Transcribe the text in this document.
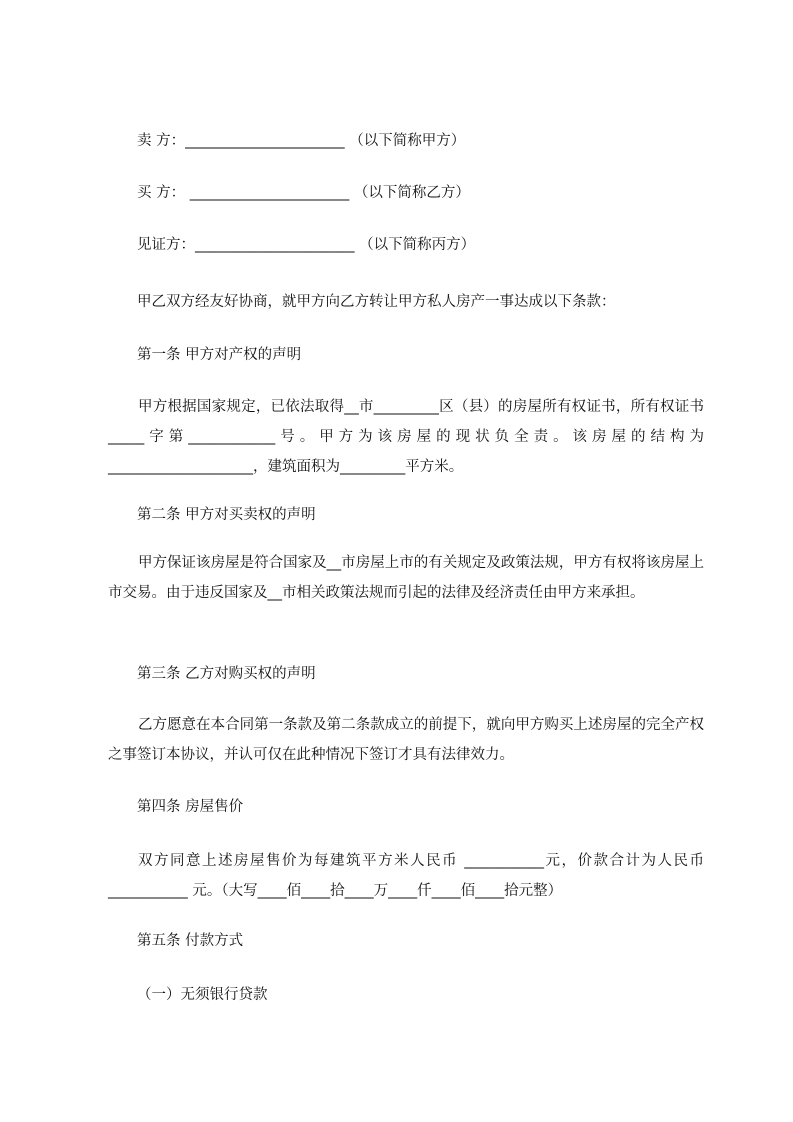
卖 方：______________________ （以下简称甲方）
买 方： ______________________ （以下简称乙方）
见证方：______________________ （以下简称丙方）
甲乙双方经友好协商，就甲方向乙方转让甲方私人房产一事达成以下条款：
第一条 甲方对产权的声明
甲方根据国家规定，已依法取得__市_________区（县）的房屋所有权证书，所有权证书_____字第____________号。甲方为该房屋的现状负全责。该房屋的结构为 ____________________，建筑面积为_________平方米。
第二条 甲方对买卖权的声明
甲方保证该房屋是符合国家及__市房屋上市的有关规定及政策法规，甲方有权将该房屋上市交易。由于违反国家及__市相关政策法规而引起的法律及经济责任由甲方来承担。
第三条 乙方对购买权的声明
乙方愿意在本合同第一条款及第二条款成立的前提下，就向甲方购买上述房屋的完全产权之事签订本协议，并认可仅在此种情况下签订才具有法律效力。
第四条 房屋售价
双方同意上述房屋售价为每建筑平方米人民币 ___________元，价款合计为人民币___________ 元。（大写____佰____拾____万____仟____佰____拾元整）
第五条 付款方式
（一）无须银行贷款
